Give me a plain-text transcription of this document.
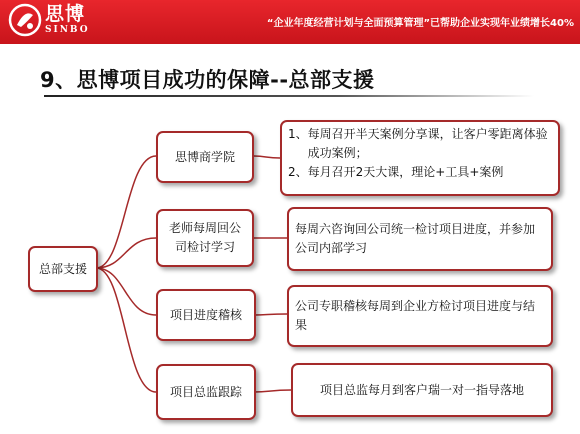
思博
SINBO
“企业年度经营计划与全面预算管理”已帮助企业实现年业绩增长40%
9、思博项目成功的保障--总部支援
总部支援
思博商学院
老师每周回公司检讨学习
项目进度稽核
项目总监跟踪
1、 每周召开半天案例分享课，让客户零距离体验成功案例；
2、 每月召开2天大课，理论+工具+案例
每周六咨询回公司统一检讨项目进度，并参加公司内部学习
公司专职稽核每周到企业方检讨项目进度与结果
项目总监每月到客户瑞一对一指导落地
